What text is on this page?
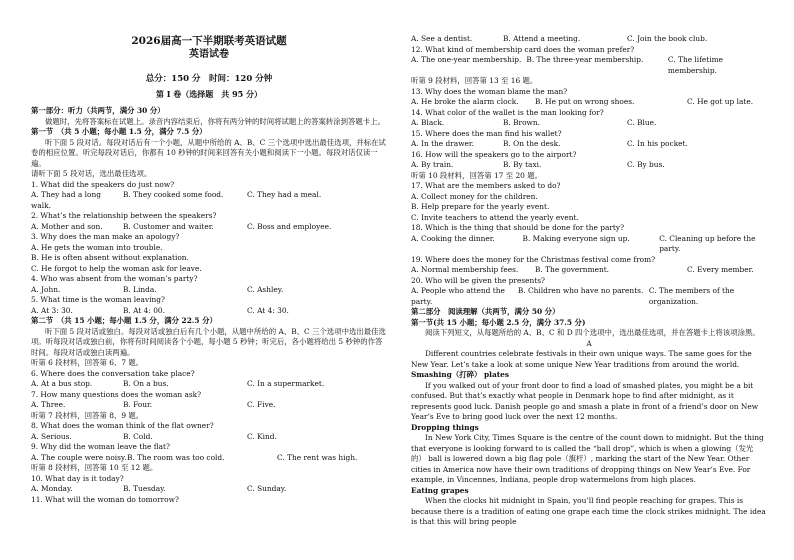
2026届高一下半期联考英语试题
英语试卷
总分：150 分　时间：120 分钟
第 I 卷（选择题　共 95 分）
第一部分：听力（共两节，满分 30 分）
做题时，先将答案标在试题上。录音内容结束后，你将有两分钟的时间将试题上的答案转涂到答题卡上。
第一节　（共 5 小题；每小题 1.5 分，满分 7.5 分）
听下面 5 段对话。每段对话后有一个小题，从题中所给的 A、B、C 三个选项中选出最佳选项，并标在试卷的相应位置。听完每段对话后，你都有 10 秒钟的时间来回答有关小题和阅读下一小题。每段对话仅读一遍。
请听下面 5 段对话，选出最佳选项。
1. What did the speakers do just now?
A. They had a long walk.
B. They cooked some food.	C. They had a meal.
2. What’s the relationship between the speakers?
A. Mother and son.	B. Customer and waiter.	C. Boss and employee.
3. Why does the man make an apology?
A. He gets the woman into trouble.
B. He is often absent without explanation.
C. He forgot to help the woman ask for leave.
4. Who was absent from the woman’s party?
A. John.	B. Linda.	C. Ashley.
5. What time is the woman leaving?
A. At 3: 30.	B. At 4: 00.	C. At 4: 30.
第二节　（共 15 小题；每小题 1.5 分，满分 22.5 分）
听下面 5 段对话或独白。每段对话或独白后有几个小题，从题中所给的 A、B、C 三个选项中选出最佳选项。听每段对话或独白前，你将有时间阅读各个小题，每小题 5 秒钟；听完后，各小题将给出 5 秒钟的作答时间。每段对话或独白读两遍。
听第 6 段材料，回答第 6、7 题。
6. Where does the conversation take place?
A. At a bus stop.	B. On a bus.	C. In a supermarket.
7. How many questions does the woman ask?
A. Three.	B. Four.	C. Five.
听第 7 段材料，回答第 8、9 题。
8. What does the woman think of the flat owner?
A. Serious.	B. Cold.	C. Kind.
9. Why did the woman leave the flat?
A. The couple were noisy. B. The room was too cold.	C. The rent was high.
听第 8 段材料，回答第 10 至 12 题。
10. What day is it today?
A. Monday.	B. Tuesday.	C. Sunday.
11. What will the woman do tomorrow?
A. See a dentist.	B. Attend a meeting.	C. Join the book club.
12. What kind of membership card does the woman prefer?
A. The one-year membership. B. The three-year membership.	C. The lifetime membership.
听第 9 段材料，回答第 13 至 16 题。
13. Why does the woman blame the man?
A. He broke the alarm clock.	B. He put on wrong shoes.	C. He got up late.
14. What color of the wallet is the man looking for?
A. Black.	B. Brown.	C. Blue.
15. Where does the man find his wallet?
A. In the drawer.	B. On the desk.	C. In his pocket.
16. How will the speakers go to the airport?
A. By train.	B. By taxi.	C. By bus.
听第 10 段材料，回答第 17 至 20 题。
17. What are the members asked to do?
A. Collect money for the children.
B. Help prepare for the yearly event.
C. Invite teachers to attend the yearly event.
18. Which is the thing that should be done for the party?
A. Cooking the dinner.	B. Making everyone sign up.	C. Cleaning up before the party.
19. Where does the money for the Christmas festival come from?
A. Normal membership fees.	B. The government.	C. Every member.
20. Who will be given the presents?
A. People who attend the party.
B. Children who have no parents. C. The members of the organization.
第二部分　阅读理解（共两节，满分 50 分）
第一节(共 15 小题；每小题 2.5 分，满分 37.5 分)
阅读下列短文，从每题所给的 A、B、C 和 D 四个选项中，选出最佳选项，并在答题卡上将该项涂黑。
A
Different countries celebrate festivals in their own unique ways. The same goes for the New Year. Let’s take a look at some unique New Year traditions from around the world.
Smashing（打碎） plates
If you walked out of your front door to find a load of smashed plates, you might be a bit confused. But that’s exactly what people in Denmark hope to find after midnight, as it represents good luck. Danish people go and smash a plate in front of a friend’s door on New Year’s Eve to bring good luck over the next 12 months.
Dropping things
In New York City, Times Square is the centre of the count down to midnight. But the thing that everyone is looking forward to is called the “ball drop”, which is when a glowing（发光的） ball is lowered down a big flag pole（旗杆）, marking the start of the New Year. Other cities in America now have their own traditions of dropping things on New Year’s Eve. For example, in Vincennes, Indiana, people drop watermelons from high places.
Eating grapes
When the clocks hit midnight in Spain, you’ll find people reaching for grapes. This is because there is a tradition of eating one grape each time the clock strikes midnight. The idea is that this will bring people
